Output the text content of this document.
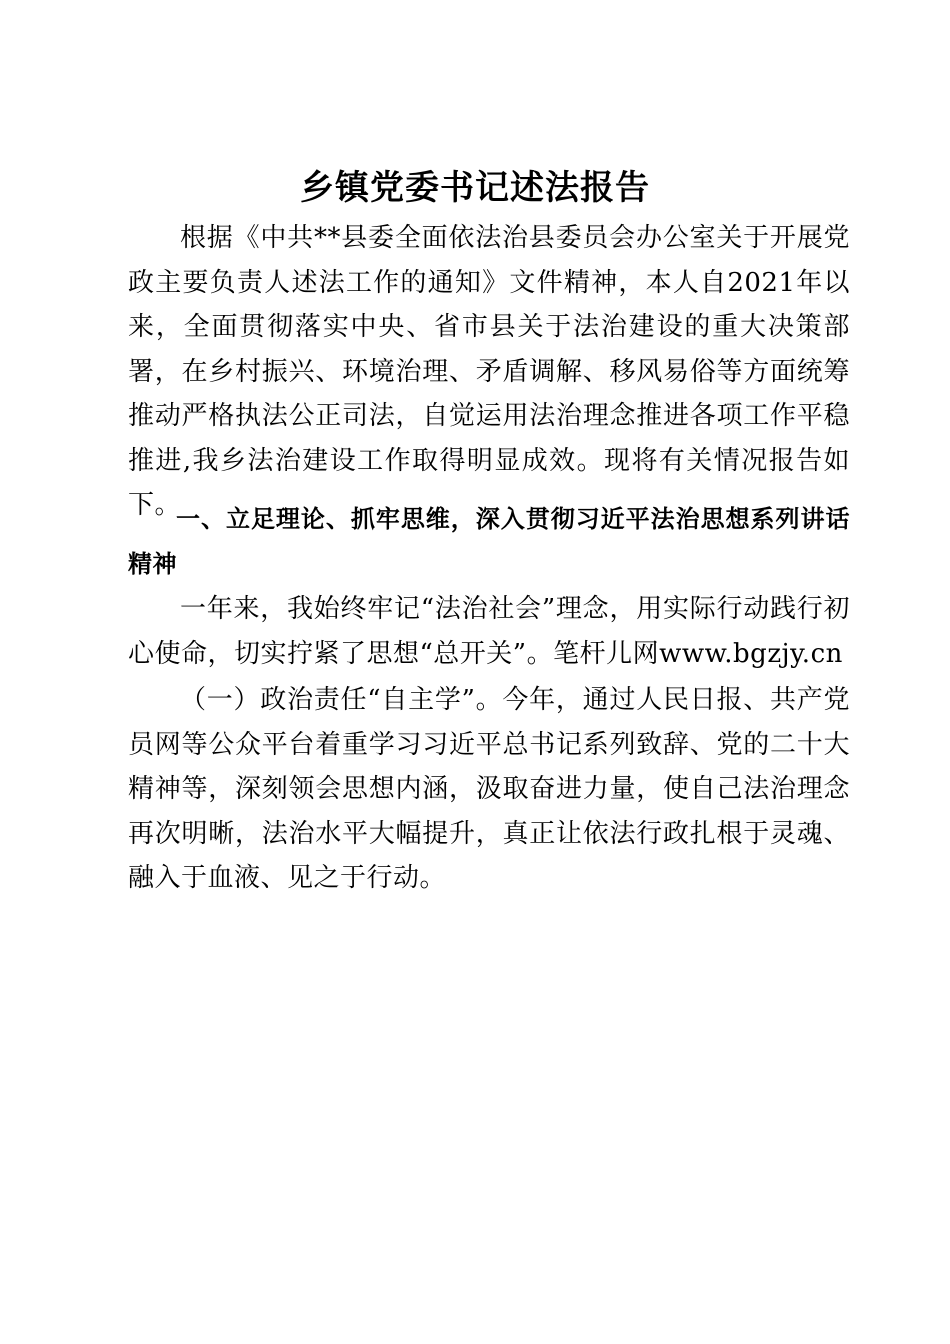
乡镇党委书记述法报告

根据《中共**县委全面依法治县委员会办公室关于开展党政主要负责人述法工作的通知》文件精神，本人自2021年以来，全面贯彻落实中央、省市县关于法治建设的重大决策部署，在乡村振兴、环境治理、矛盾调解、移风易俗等方面统筹推动严格执法公正司法，自觉运用法治理念推进各项工作平稳推进,我乡法治建设工作取得明显成效。现将有关情况报告如下。

一、立足理论、抓牢思维，深入贯彻习近平法治思想系列讲话精神

一年来，我始终牢记“法治社会”理念，用实际行动践行初心使命，切实拧紧了思想“总开关”。笔杆儿网www.bgzjy.cn

（一）政治责任“自主学”。今年，通过人民日报、共产党员网等公众平台着重学习习近平总书记系列致辞、党的二十大精神等，深刻领会思想内涵，汲取奋进力量，使自己法治理念再次明晰，法治水平大幅提升，真正让依法行政扎根于灵魂、融入于血液、见之于行动。
